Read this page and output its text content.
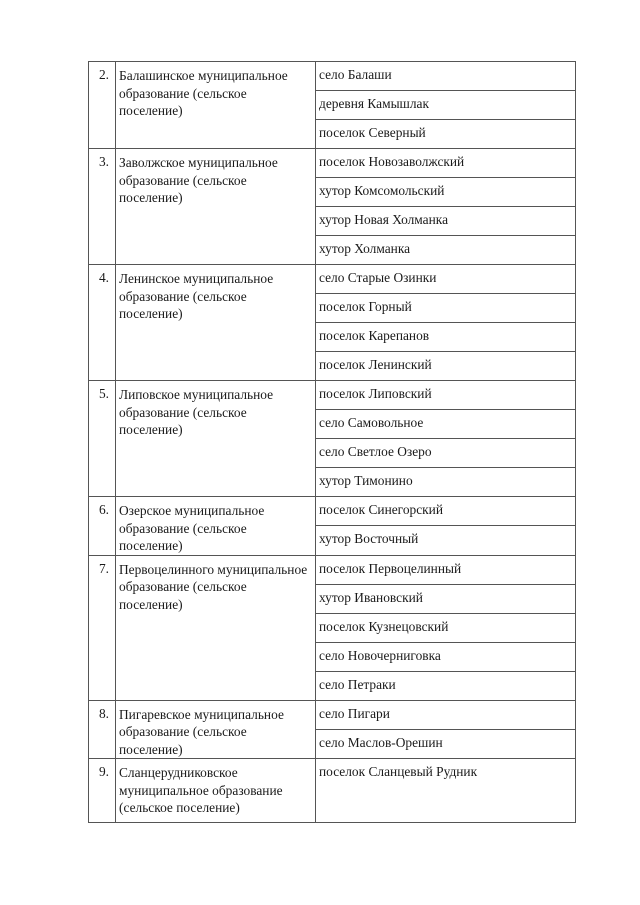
2.	Балашинское муниципальное образование (сельское поселение)	село Балаши
		деревня Камышлак
		поселок Северный
3.	Заволжское муниципальное образование (сельское поселение)	поселок Новозаволжский
		хутор Комсомольский
		хутор Новая Холманка
		хутор Холманка
4.	Ленинское муниципальное образование (сельское поселение)	село Старые Озинки
		поселок Горный
		поселок Карепанов
		поселок Ленинский
5.	Липовское муниципальное образование (сельское поселение)	поселок Липовский
		село Самовольное
		село Светлое Озеро
		хутор Тимонино
6.	Озерское муниципальное образование (сельское поселение)	поселок Синегорский
		хутор Восточный
7.	Первоцелинного муниципальное образование (сельское поселение)	поселок Первоцелинный
		хутор Ивановский
		поселок Кузнецовский
		село Новочерниговка
		село Петраки
8.	Пигаревское муниципальное образование (сельское поселение)	село Пигари
		село Маслов-Орешин
9.	Сланцерудниковское муниципальное образование (сельское поселение)	поселок Сланцевый Рудник
